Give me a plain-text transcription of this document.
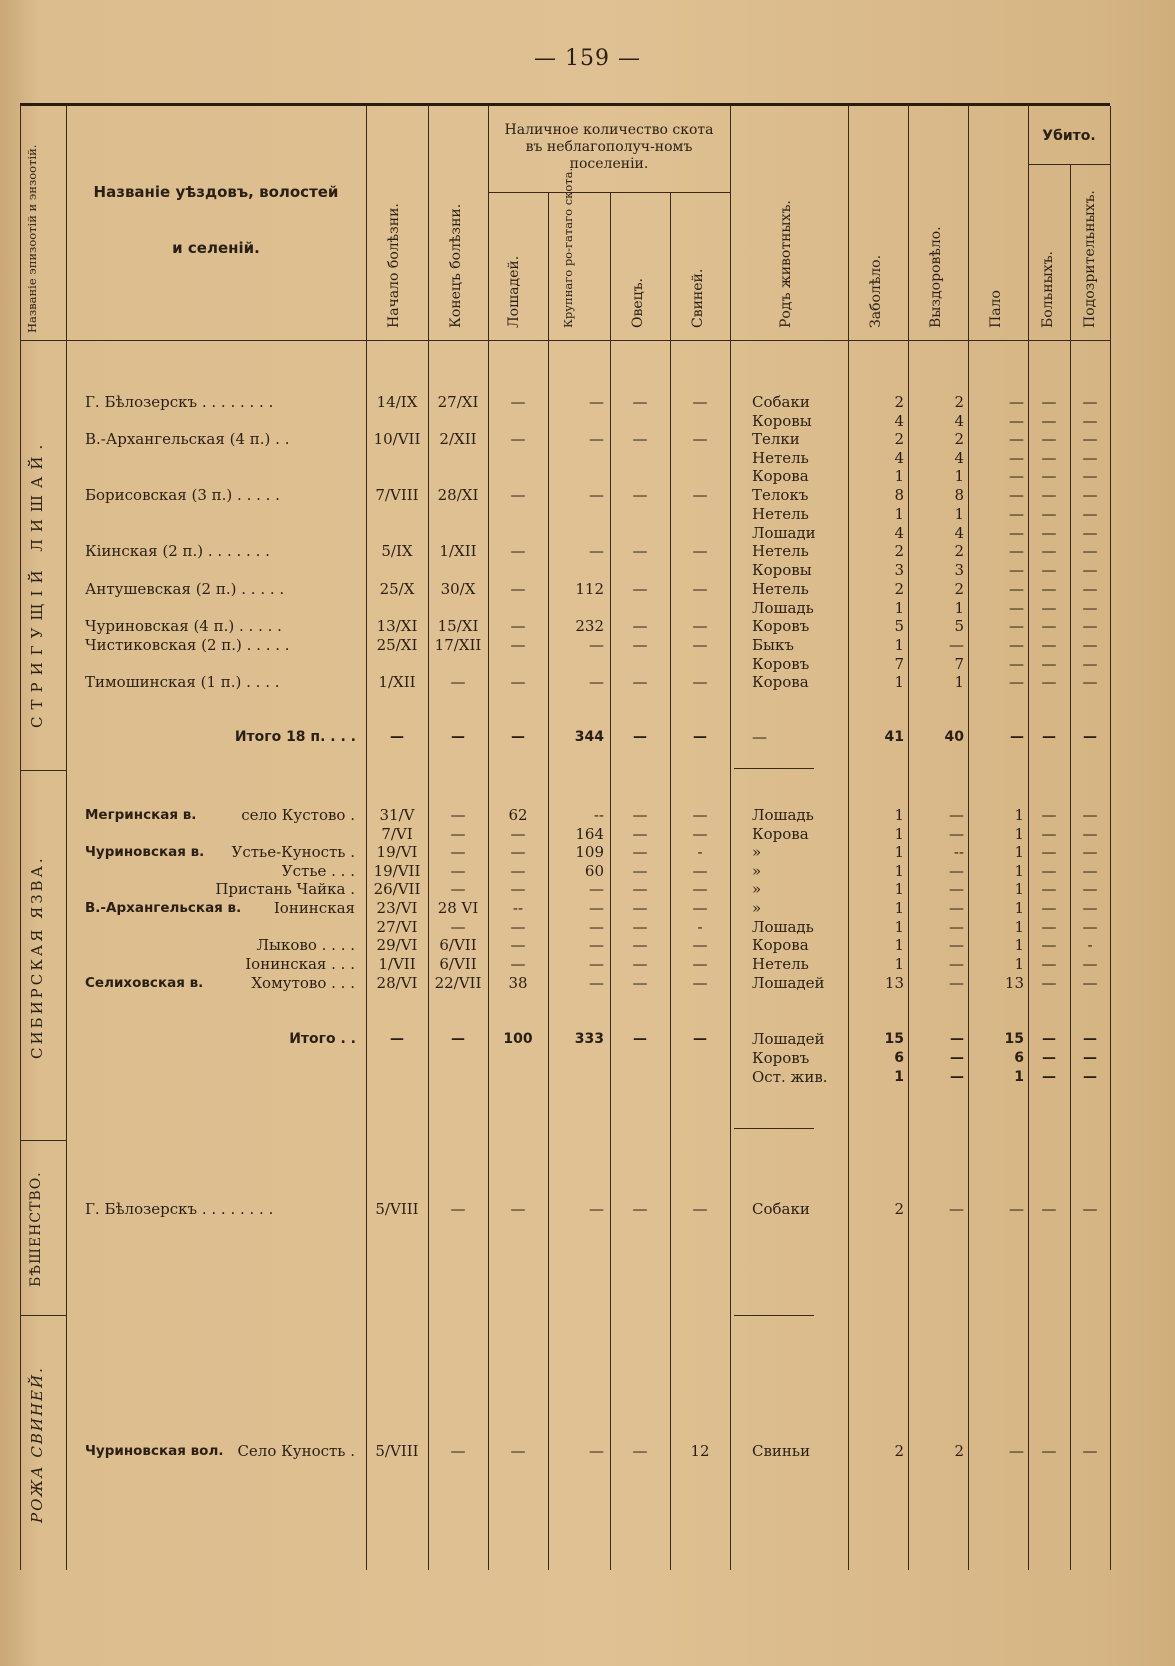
— 159 —
Названіе эпизоотій и энзоотій.	Названіе уѣздовъ, волостей
и селеній.	Начало болѣзни.	Конецъ болѣзни.
Наличное количество скота въ неблагополуч-номъ поселеніи.
Лошадей.	Крупнаго ро-гатаго скота.	Овецъ.	Свиней.	Родъ животныхъ.	Заболѣло.	Выздоровѣло.	Пало
Убито.
Больныхъ. Подозрительныхъ.
Г. Бѣлозерскъ . . . . . . . .	14/IX	27/XI	—	—	—	—	Собаки	2	2	—	—	—
Коровы	4	4	—	—	—
В.-Архангельская (4 п.) . .	10/VII	2/XII	—	—	—	—	Телки	2	2	—	—	—
Нетель	4	4	—	—	—
Корова	1	1	—	—	—
Борисовская (3 п.) . . . . .	7/VIII	28/XI	—	—	—	—	Телокъ	8	8	—	—	—
Нетель	1	1	—	—	—
Лошади	4	4	—	—	—
Кіинская (2 п.) . . . . . . .	5/IX	1/XII	—	—	—	—	Нетель	2	2	—	—	—
Коровы	3	3	—	—	—
Антушевская (2 п.) . . . . .	25/X	30/X	—	112	—	—	Нетель	2	2	—	—	—
Лошадь	1	1	—	—	—
Чуриновская (4 п.) . . . . .	13/XI	15/XI	—	232	—	—	Коровъ	5	5	—	—	—
Чистиковская (2 п.) . . . . .	25/XI	17/XII	—	—	—	—	Быкъ	1	—	—	—	—
Коровъ	7	7	—	—	—
Тимошинская (1 п.) . . . .	1/XII	—	—	—	—	—	Корова	1	1	—	—	—
Итого 18 п. . . .	—	—	—	344	—	—	—	41	40	—	—	—
Мегринская в.	село Кустово .	31/V	—	62	--	—	—	Лошадь	1	—	1	—	—
7/VI	—	—	164	—	—	Корова	1	—	1	—	—
Чуриновская в.	Устье-Куность .	19/VI	—	—	109	—	-	»	1	--	1	—	—
Устье . . .	19/VII	—	—	60	—	—	»	1	—	1	—	—
Пристань Чайка .	26/VII	—	—	—	—	—	»	1	—	1	—	—
В.-Архангельская в.	Іонинская	23/VI	28 VI	--	—	—	—	»	1	—	1	—	—
27/VI	—	—	—	—	-	Лошадь	1	—	1	—	—
Лыково . . . .	29/VI	6/VII	—	—	—	—	Корова	1	—	1	—	-
Іонинская . . .	1/VII	6/VII	—	—	—	—	Нетель	1	—	1	—	—
Селиховская в.	Хомутово . . .	28/VI	22/VII	38	—	—	—	Лошадей	13	—	13	—	—
Итого . .	—	—	100	333	—	—	Лошадей	15	—	15	—	—
Коровъ	6	—	6	—	—
Ост. жив.	1	—	1	—	—
Г. Бѣлозерскъ . . . . . . . .	5/VIII	—	—	—	—	—	Собаки	2	—	—	—	—
Чуриновская вол. Село Куность .	5/VIII	—	—	—	—	12	Свиньи	2	2	—	—	—
СТРИГУЩІЙ ЛИШАЙ.
СИБИРСКАЯ ЯЗВА.
БѢШЕНСТВО.
РОЖА СВИНЕЙ.
